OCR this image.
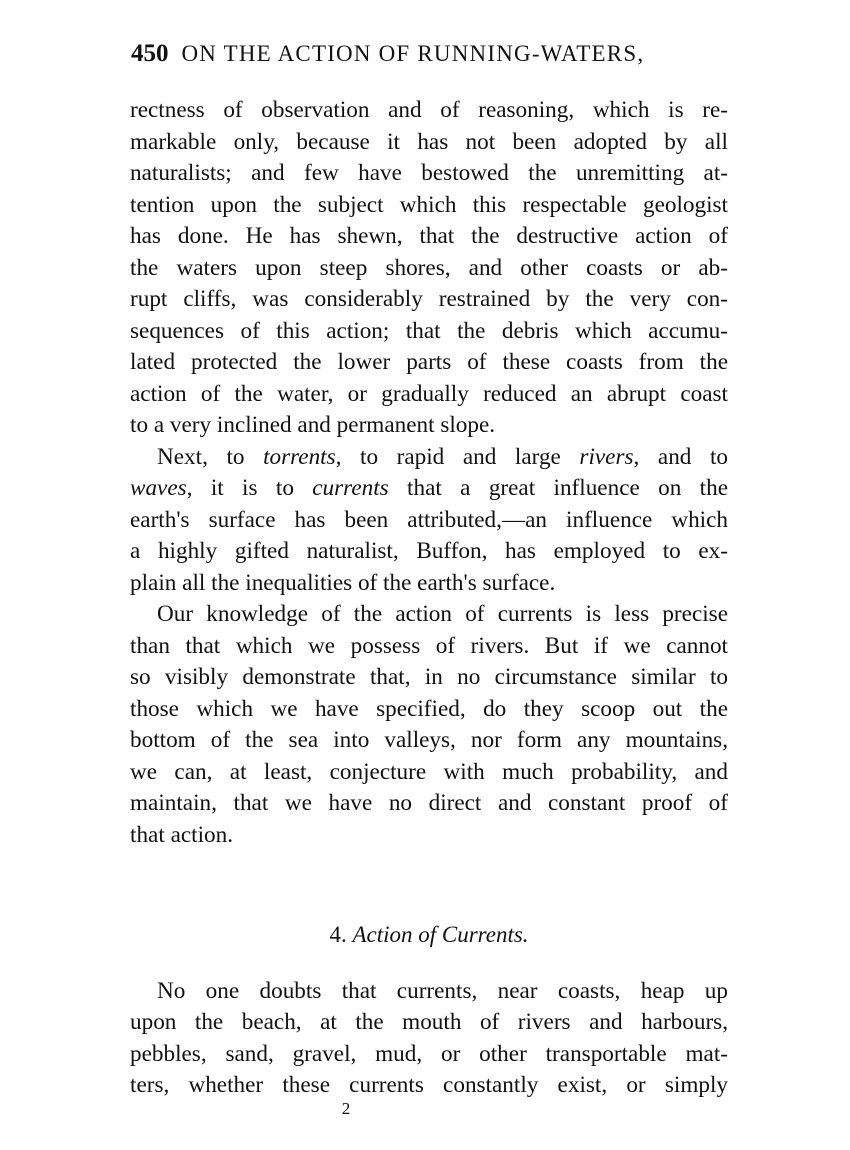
450 ON THE ACTION OF RUNNING-WATERS,
rectness of observation and of reasoning, which is re-
markable only, because it has not been adopted by all
naturalists; and few have bestowed the unremitting at-
tention upon the subject which this respectable geologist
has done. He has shewn, that the destructive action of
the waters upon steep shores, and other coasts or ab-
rupt cliffs, was considerably restrained by the very con-
sequences of this action; that the debris which accumu-
lated protected the lower parts of these coasts from the
action of the water, or gradually reduced an abrupt coast
to a very inclined and permanent slope.
Next, to torrents, to rapid and large rivers, and to
waves, it is to currents that a great influence on the
earth's surface has been attributed,—an influence which
a highly gifted naturalist, Buffon, has employed to ex-
plain all the inequalities of the earth's surface.
Our knowledge of the action of currents is less precise
than that which we possess of rivers. But if we cannot
so visibly demonstrate that, in no circumstance similar to
those which we have specified, do they scoop out the
bottom of the sea into valleys, nor form any mountains,
we can, at least, conjecture with much probability, and
maintain, that we have no direct and constant proof of
that action.
4. Action of Currents.
No one doubts that currents, near coasts, heap up
upon the beach, at the mouth of rivers and harbours,
pebbles, sand, gravel, mud, or other transportable mat-
ters, whether these currents constantly exist, or simply
2
